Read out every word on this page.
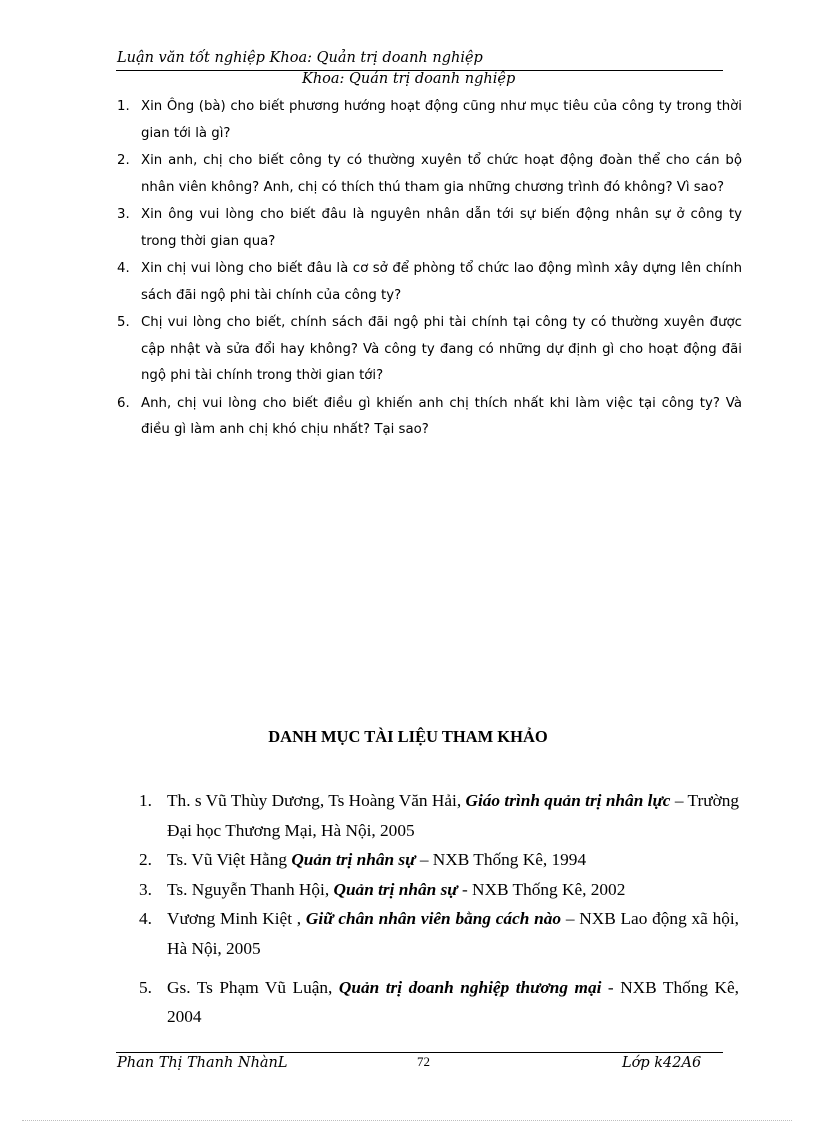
Luận văn tốt nghiệp Khoa: Quản trị doanh nghiệp
Khoa: Quản trị doanh nghiệp
1. Xin Ông (bà) cho biết phương hướng hoạt động cũng như mục tiêu của công ty trong thời gian tới là gì?
2. Xin anh, chị cho biết công ty có thường xuyên tổ chức hoạt động đoàn thể cho cán bộ nhân viên không? Anh, chị có thích thú tham gia những chương trình đó không? Vì sao?
3. Xin ông vui lòng cho biết đâu là nguyên nhân dẫn tới sự biến động nhân sự ở công ty trong thời gian qua?
4. Xin chị vui lòng cho biết đâu là cơ sở để phòng tổ chức lao động mình xây dựng lên chính sách đãi ngộ phi tài chính của công ty?
5. Chị vui lòng cho biết, chính sách đãi ngộ phi tài chính tại công ty có thường xuyên được cập nhật và sửa đổi hay không? Và công ty đang có những dự định gì cho hoạt động đãi ngộ phi tài chính trong thời gian tới?
6. Anh, chị vui lòng cho biết điều gì khiến anh chị thích nhất khi làm việc tại công ty? Và điều gì làm anh chị khó chịu nhất? Tại sao?
DANH MỤC TÀI LIỆU THAM KHẢO
1. Th. s Vũ Thùy Dương, Ts Hoàng Văn Hải, Giáo trình quản trị nhân lực – Trường Đại học Thương Mại, Hà Nội, 2005
2. Ts. Vũ Việt Hằng Quản trị nhân sự – NXB Thống Kê, 1994
3. Ts. Nguyễn Thanh Hội, Quản trị nhân sự - NXB Thống Kê, 2002
4. Vương Minh Kiệt , Giữ chân nhân viên bằng cách nào – NXB Lao động xã hội, Hà Nội, 2005
5. Gs. Ts Phạm Vũ Luận, Quản trị doanh nghiệp thương mại - NXB Thống Kê, 2004
Phan Thị Thanh NhànL	72	Lớp k42A6
